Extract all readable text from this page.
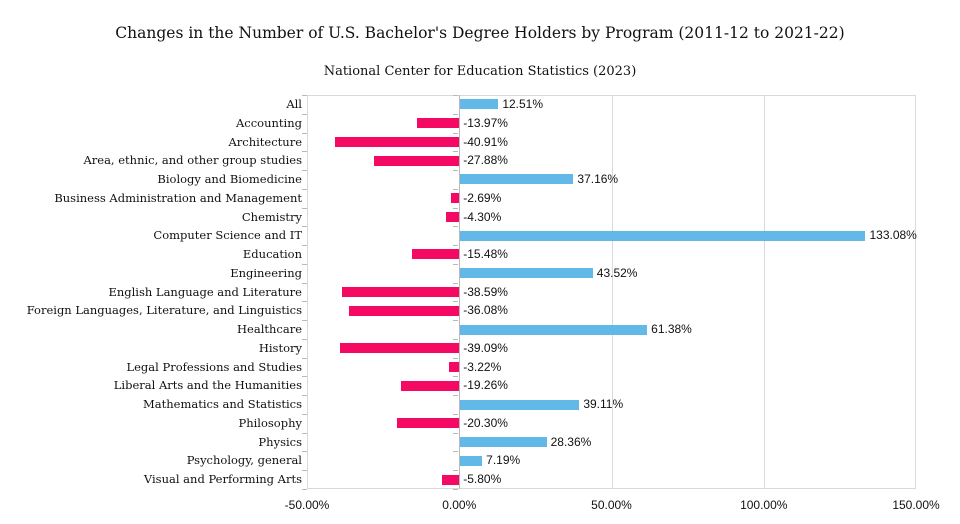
Changes in the Number of U.S. Bachelor's Degree Holders by Program (2011-12 to 2021-22)
National Center for Education Statistics (2023)
All	12.51%
Accounting	-13.97%
Architecture	-40.91%
Area, ethnic, and other group studies	-27.88%
Biology and Biomedicine	37.16%
Business Administration and Management	-2.69%
Chemistry	-4.30%
Computer Science and IT	133.08%
Education	-15.48%
Engineering	43.52%
English Language and Literature	-38.59%
Foreign Languages, Literature, and Linguistics	-36.08%
Healthcare	61.38%
History	-39.09%
Legal Professions and Studies	-3.22%
Liberal Arts and the Humanities	-19.26%
Mathematics and Statistics	39.11%
Philosophy	-20.30%
Physics	28.36%
Psychology, general	7.19%
Visual and Performing Arts	-5.80%
-50.00%	0.00%	50.00%	100.00%	150.00%
